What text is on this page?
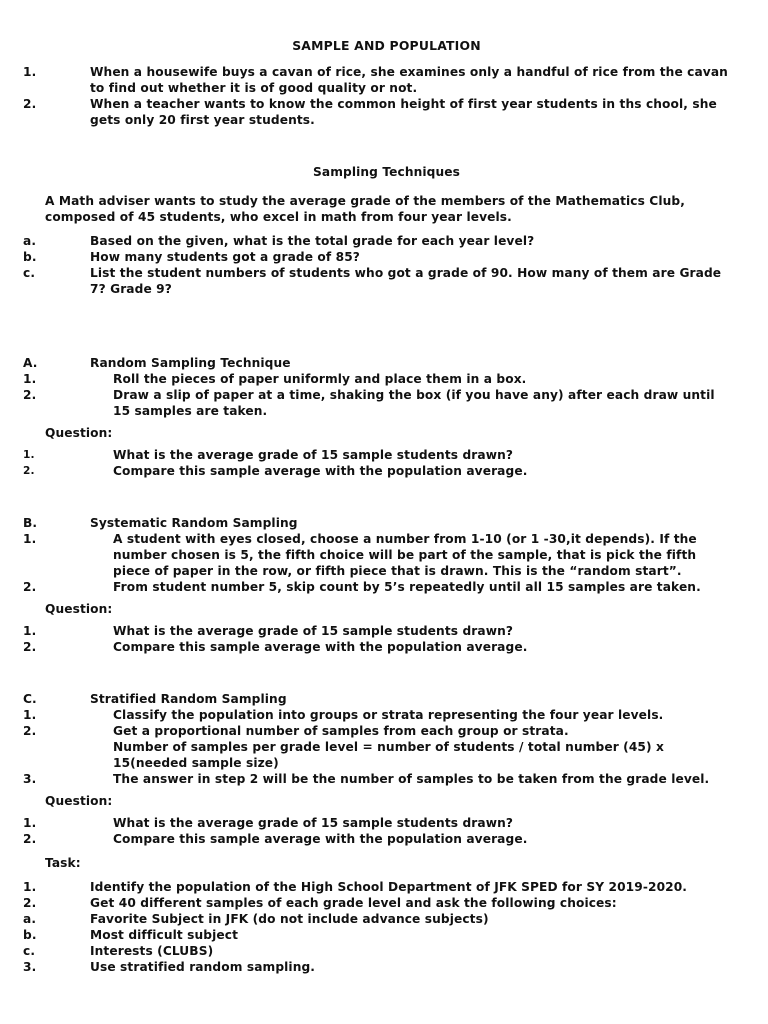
SAMPLE AND POPULATION
1.	When a housewife buys a cavan of rice, she examines only a handful of rice from the cavan to find out whether it is of good quality or not.
2.	When a teacher wants to know the common height of first year students in ths chool, she gets only 20 first year students.
Sampling Techniques

A Math adviser wants to study the average grade of the members of the Mathematics Club, composed of 45 students, who excel in math from four year levels.

a.	Based on the given, what is the total grade for each year level?
b.	How many students got a grade of 85?
c.	List the student numbers of students who got a grade of 90. How many of them are Grade 7? Grade 9?
A.	Random Sampling Technique
1.	Roll the pieces of paper uniformly and place them in a box.
2.	Draw a slip of paper at a time, shaking the box (if you have any) after each draw until 15 samples are taken.
Question:
1.	What is the average grade of 15 sample students drawn?
2.	Compare this sample average with the population average.
B.	Systematic Random Sampling
1.	A student with eyes closed, choose a number from 1-10 (or 1 -30,it depends). If the number chosen is 5, the fifth choice will be part of the sample, that is pick the fifth piece of paper in the row, or fifth piece that is drawn. This is the “random start”.
2.	From student number 5, skip count by 5’s repeatedly until all 15 samples are taken.
Question:
1.	What is the average grade of 15 sample students drawn?
2.	Compare this sample average with the population average.
C.	Stratified Random Sampling
1.	Classify the population into groups or strata representing the four year levels.
2.	Get a proportional number of samples from each group or strata.
Number of samples per grade level = number of students / total number (45) x 15(needed sample size)
3.	The answer in step 2 will be the number of samples to be taken from the grade level.
Question:
1.	What is the average grade of 15 sample students drawn?
2.	Compare this sample average with the population average.
Task:
1.	Identify the population of the High School Department of JFK SPED for SY 2019-2020.
2.	Get 40 different samples of each grade level and ask the following choices:
a.	Favorite Subject in JFK (do not include advance subjects)
b.	Most difficult subject
c.	Interests (CLUBS)
3.	Use stratified random sampling.
